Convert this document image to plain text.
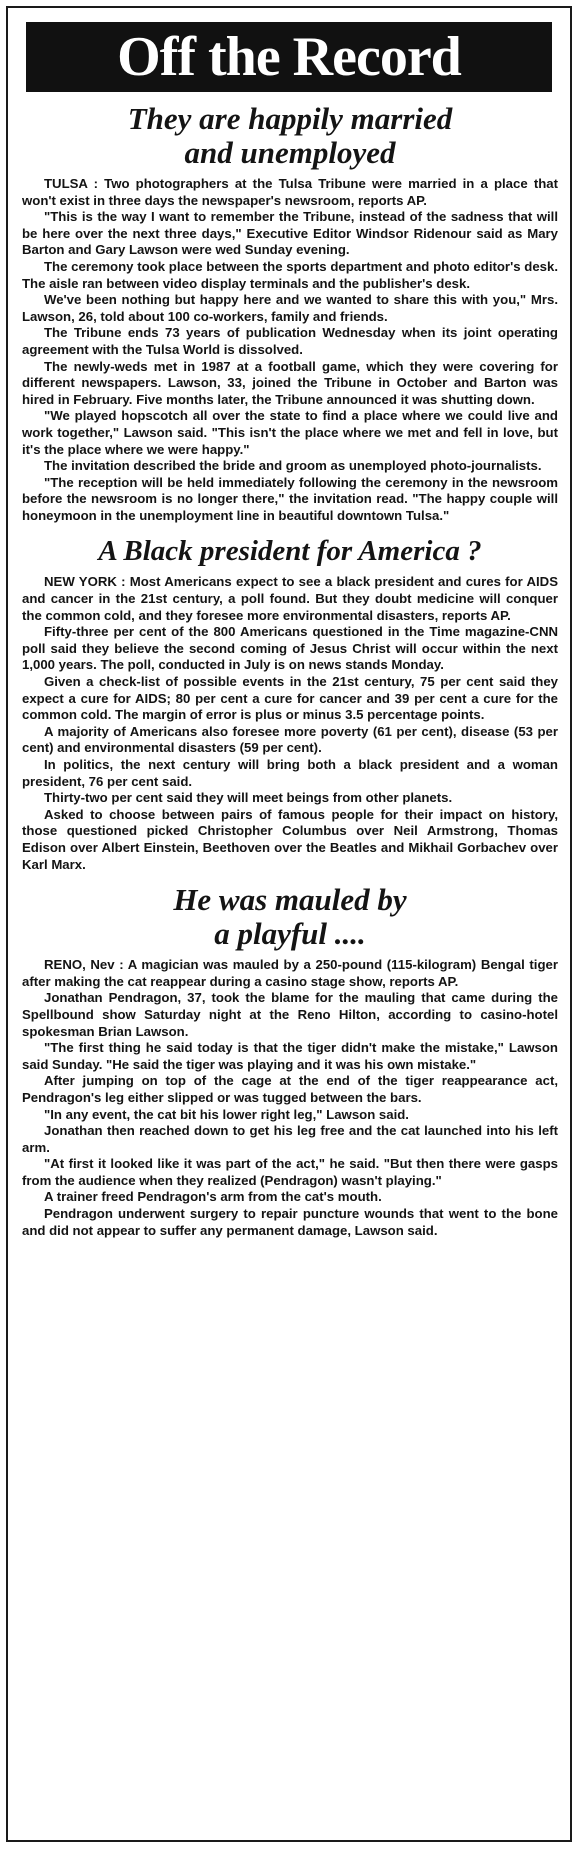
Off the Record
They are happily married
and unemployed

TULSA : Two photographers at the Tulsa Tribune were married in a place that won't exist in three days the newspaper's newsroom, reports AP.

"This is the way I want to remember the Tribune, instead of the sadness that will be here over the next three days," Executive Editor Windsor Ridenour said as Mary Barton and Gary Lawson were wed Sunday evening.

The ceremony took place between the sports department and photo editor's desk. The aisle ran between video display terminals and the publisher's desk.

We've been nothing but happy here and we wanted to share this with you," Mrs. Lawson, 26, told about 100 co-workers, family and friends.

The Tribune ends 73 years of publication Wednesday when its joint operating agreement with the Tulsa World is dissolved.

The newly-weds met in 1987 at a football game, which they were covering for different newspapers. Lawson, 33, joined the Tribune in October and Barton was hired in February. Five months later, the Tribune announced it was shutting down.

"We played hopscotch all over the state to find a place where we could live and work together," Lawson said. "This isn't the place where we met and fell in love, but it's the place where we were happy."

The invitation described the bride and groom as unemployed photo-journalists.

"The reception will be held immediately following the ceremony in the newsroom before the newsroom is no longer there," the invitation read. "The happy couple will honeymoon in the unemployment line in beautiful downtown Tulsa."

A Black president for America ?

NEW YORK : Most Americans expect to see a black president and cures for AIDS and cancer in the 21st century, a poll found. But they doubt medicine will conquer the common cold, and they foresee more environmental disasters, reports AP.

Fifty-three per cent of the 800 Americans questioned in the Time magazine-CNN poll said they believe the second coming of Jesus Christ will occur within the next 1,000 years. The poll, conducted in July is on news stands Monday.

Given a check-list of possible events in the 21st century, 75 per cent said they expect a cure for AIDS; 80 per cent a cure for cancer and 39 per cent a cure for the common cold. The margin of error is plus or minus 3.5 percentage points.

A majority of Americans also foresee more poverty (61 per cent), disease (53 per cent) and environmental disasters (59 per cent).

In politics, the next century will bring both a black president and a woman president, 76 per cent said.

Thirty-two per cent said they will meet beings from other planets.

Asked to choose between pairs of famous people for their impact on history, those questioned picked Christopher Columbus over Neil Armstrong, Thomas Edison over Albert Einstein, Beethoven over the Beatles and Mikhail Gorbachev over Karl Marx.

He was mauled by
a playful ....

RENO, Nev : A magician was mauled by a 250-pound (115-kilogram) Bengal tiger after making the cat reappear during a casino stage show, reports AP.

Jonathan Pendragon, 37, took the blame for the mauling that came during the Spellbound show Saturday night at the Reno Hilton, according to casino-hotel spokesman Brian Lawson.

"The first thing he said today is that the tiger didn't make the mistake," Lawson said Sunday. "He said the tiger was playing and it was his own mistake."

After jumping on top of the cage at the end of the tiger reappearance act, Pendragon's leg either slipped or was tugged between the bars.

"In any event, the cat bit his lower right leg," Lawson said.

Jonathan then reached down to get his leg free and the cat launched into his left arm.

"At first it looked like it was part of the act," he said. "But then there were gasps from the audience when they realized (Pendragon) wasn't playing."

A trainer freed Pendragon's arm from the cat's mouth.

Pendragon underwent surgery to repair puncture wounds that went to the bone and did not appear to suffer any permanent damage, Lawson said.
